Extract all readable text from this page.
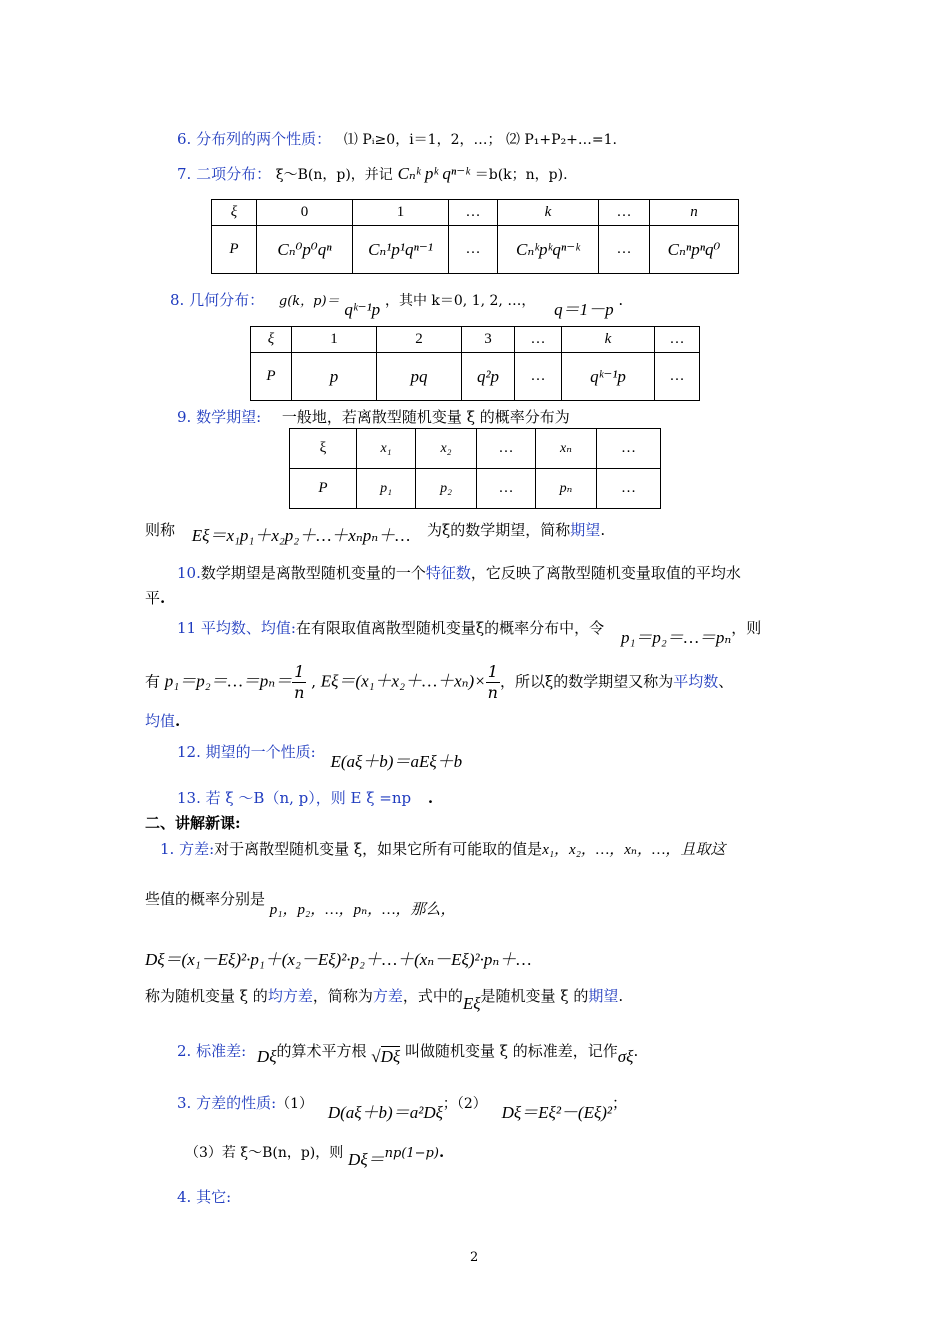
6. 分布列的两个性质： ⑴ Pᵢ≥0，i＝1，2，…； ⑵ P₁+P₂+…=1.
7. 二项分布： ξ～B(n，p)，并记 Cₙᵏ pᵏ qⁿ⁻ᵏ ＝b(k；n，p).
ξ	0	1	…	k	…	n
P	Cₙ⁰p⁰qⁿ	Cₙ¹p¹qⁿ⁻¹	…	Cₙᵏpᵏqⁿ⁻ᵏ	…	Cₙⁿpⁿq⁰
8. 几何分布： g(k，p)＝ qᵏ⁻¹p ，其中 k＝0, 1, 2, …， q＝1－p .
ξ	1	2	3	…	k	…
P	p	pq	q²p	…	qᵏ⁻¹p	…
9. 数学期望: 一般地，若离散型随机变量 ξ 的概率分布为
ξ	x₁	x₂	…	xₙ	…
P	p₁	p₂	…	pₙ	…
则称 Eξ＝x₁p₁＋x₂p₂＋…＋xₙpₙ＋… 为ξ的数学期望，简称期望.
10.数学期望是离散型随机变量的一个特征数，它反映了离散型随机变量取值的平均水
平.
11 平均数、均值:在有限取值离散型随机变量ξ的概率分布中，令 p₁＝p₂＝…＝pₙ，则
有 p₁＝p₂＝…＝pₙ＝ $\frac{1}{n}$ , Eξ＝(x₁＋x₂＋…＋xₙ)× $\frac{1}{n}$ ，所以ξ的数学期望又称为平均数、
均值.
12. 期望的一个性质: E(aξ＋b)＝aEξ＋b
13. 若 ξ ～B（n, p），则 E ξ =np .
二、讲解新课:
1. 方差:对于离散型随机变量 ξ，如果它所有可能取的值是x₁，x₂，…，xₙ，…，且取这
些值的概率分别是 p₁，p₂，…，pₙ，…，那么，
Dξ＝(x₁－Eξ)²·p₁＋(x₂－Eξ)²·p₂＋…＋(xₙ－Eξ)²·pₙ＋…
称为随机变量 ξ 的均方差，简称为方差，式中的Eξ是随机变量 ξ 的期望.
2. 标准差: Dξ的算术平方根 √Dξ 叫做随机变量 ξ 的标准差，记作σξ.
3. 方差的性质:（1） D(aξ＋b)＝a²Dξ；（2） Dξ＝Eξ²－(Eξ)²；
（3）若 ξ～B(n，p)，则 Dξ＝np(1−p).
4. 其它:
2
